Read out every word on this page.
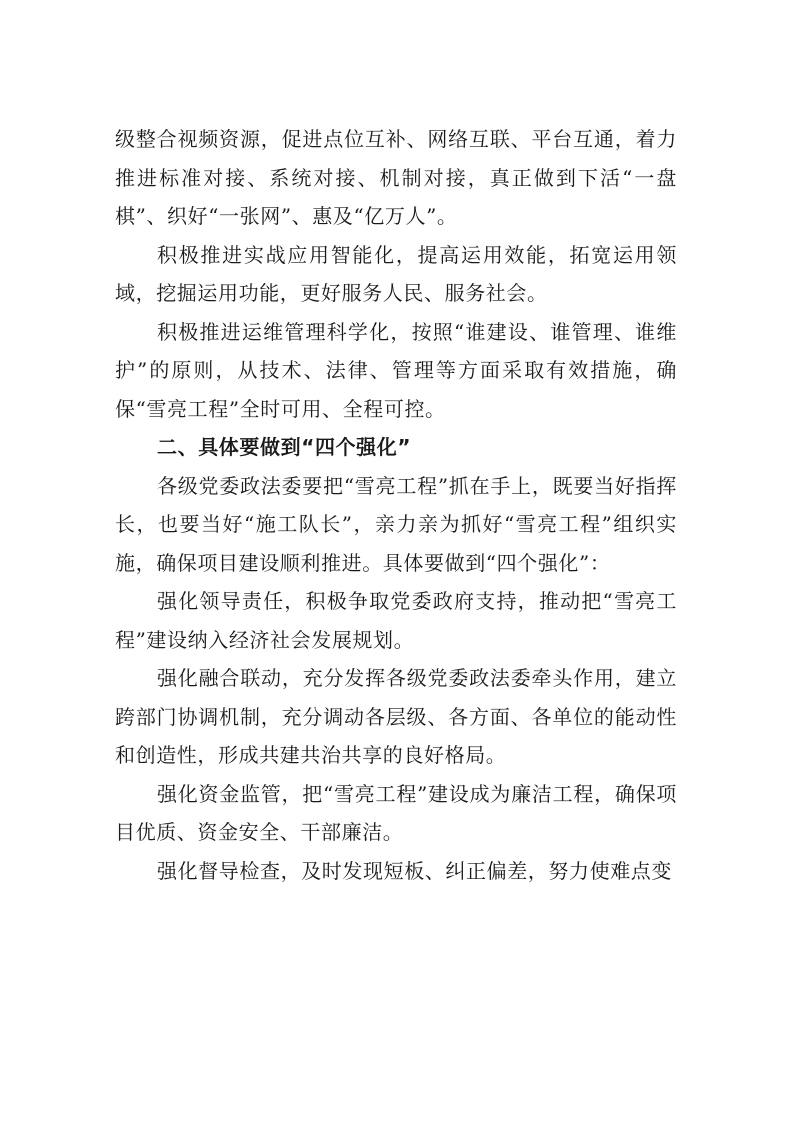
级整合视频资源，促进点位互补、网络互联、平台互通，着力推进标准对接、系统对接、机制对接，真正做到下活“一盘棋”、织好“一张网”、惠及“亿万人”。

积极推进实战应用智能化，提高运用效能，拓宽运用领域，挖掘运用功能，更好服务人民、服务社会。

积极推进运维管理科学化，按照“谁建设、谁管理、谁维护”的原则，从技术、法律、管理等方面采取有效措施，确保“雪亮工程”全时可用、全程可控。

二、具体要做到“四个强化”

各级党委政法委要把“雪亮工程”抓在手上，既要当好指挥长，也要当好“施工队长”，亲力亲为抓好“雪亮工程”组织实施，确保项目建设顺利推进。具体要做到“四个强化”：

强化领导责任，积极争取党委政府支持，推动把“雪亮工程”建设纳入经济社会发展规划。

强化融合联动，充分发挥各级党委政法委牵头作用，建立跨部门协调机制，充分调动各层级、各方面、各单位的能动性和创造性，形成共建共治共享的良好格局。

强化资金监管，把“雪亮工程”建设成为廉洁工程，确保项目优质、资金安全、干部廉洁。

强化督导检查，及时发现短板、纠正偏差，努力使难点变
